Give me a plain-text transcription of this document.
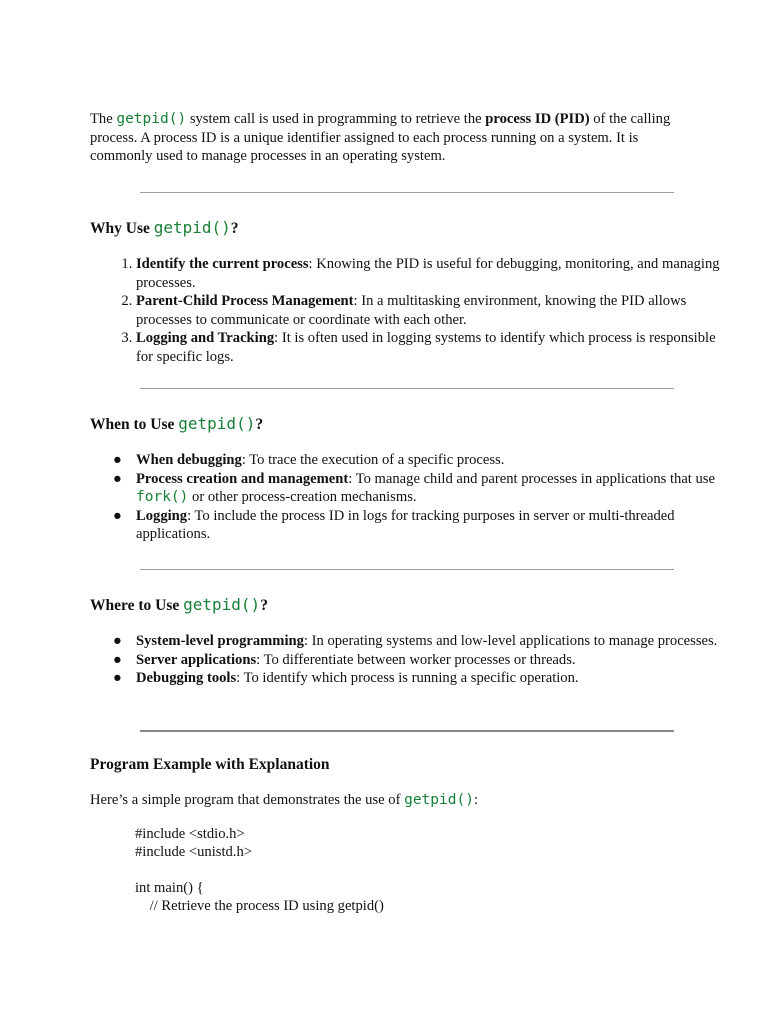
The getpid() system call is used in programming to retrieve the process ID (PID) of the calling process. A process ID is a unique identifier assigned to each process running on a system. It is commonly used to manage processes in an operating system.

Why Use getpid()?
1. Identify the current process: Knowing the PID is useful for debugging, monitoring, and managing processes.
2. Parent-Child Process Management: In a multitasking environment, knowing the PID allows processes to communicate or coordinate with each other.
3. Logging and Tracking: It is often used in logging systems to identify which process is responsible for specific logs.
When to Use getpid()?
● When debugging: To trace the execution of a specific process.
● Process creation and management: To manage child and parent processes in applications that use fork() or other process-creation mechanisms.
● Logging: To include the process ID in logs for tracking purposes in server or multi-threaded applications.
Where to Use getpid()?
● System-level programming: In operating systems and low-level applications to manage processes.
● Server applications: To differentiate between worker processes or threads.
● Debugging tools: To identify which process is running a specific operation.
Program Example with Explanation

Here’s a simple program that demonstrates the use of getpid():

#include <stdio.h>
#include <unistd.h>
int main() {
// Retrieve the process ID using getpid()
